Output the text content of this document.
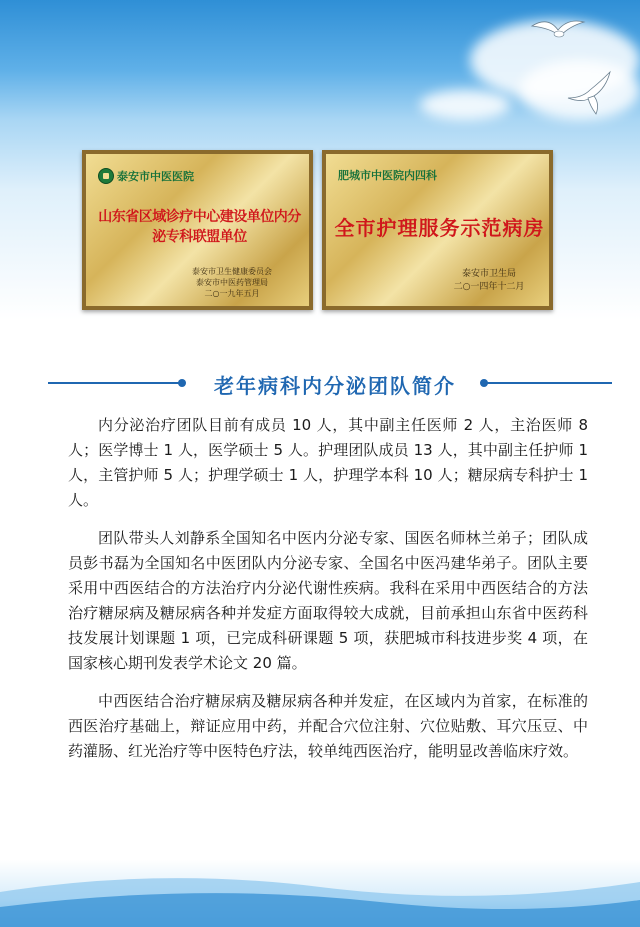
泰安市中医医院
山东省区域诊疗中心建设单位内分泌专科联盟单位
泰安市卫生健康委员会
泰安市中医药管理局
二○一九年五月
肥城市中医院内四科
全市护理服务示范病房
泰安市卫生局
二○一四年十二月
老年病科内分泌团队简介

内分泌治疗团队目前有成员 10 人，其中副主任医师 2 人，主治医师 8 人；医学博士 1 人，医学硕士 5 人。护理团队成员 13 人，其中副主任护师 1 人，主管护师 5 人；护理学硕士 1 人，护理学本科 10 人；糖尿病专科护士 1 人。

团队带头人刘静系全国知名中医内分泌专家、国医名师林兰弟子；团队成员彭书磊为全国知名中医团队内分泌专家、全国名中医冯建华弟子。团队主要采用中西医结合的方法治疗内分泌代谢性疾病。我科在采用中西医结合的方法治疗糖尿病及糖尿病各种并发症方面取得较大成就，目前承担山东省中医药科技发展计划课题 1 项，已完成科研课题 5 项，获肥城市科技进步奖 4 项，在国家核心期刊发表学术论文 20 篇。

中西医结合治疗糖尿病及糖尿病各种并发症，在区域内为首家，在标准的西医治疗基础上，辩证应用中药，并配合穴位注射、穴位贴敷、耳穴压豆、中药灌肠、红光治疗等中医特色疗法，较单纯西医治疗，能明显改善临床疗效。
